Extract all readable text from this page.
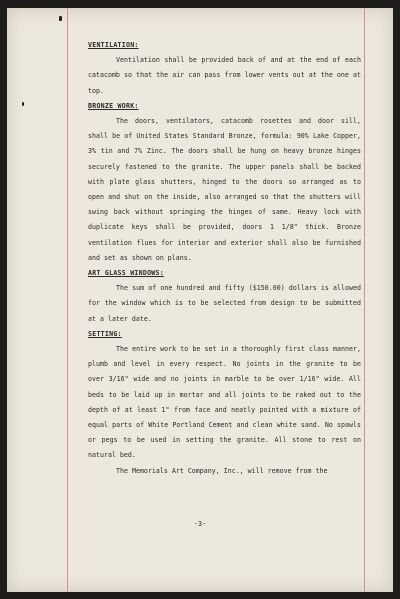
VENTILATION:

Ventilation shall be provided back of and at the end of each catacomb so that the air can pass from lower vents out at the one at top.

BRONZE WORK:

The doors, ventilators, catacomb rosettes and door sill, shall be of United States Standard Bronze, formula: 90% Lake Copper, 3% tin and 7% Zinc. The doors shall be hung on heavy bronze hinges securely fastened to the granite. The upper panels shall be backed with plate glass shutters, hinged to the doors so arranged as to open and shut on the inside, also arranged so that the shutters will swing back without springing the hinges of same. Heavy lock with duplicate keys shall be provided, doors 1 1/8" thick. Bronze ventilation flues for interior and exterior shall also be furnished and set as shown on plans.

ART GLASS WINDOWS:

The sum of one hundred and fifty ($150.00) dollars is allowed for the window which is to be selected from design to be submitted at a later date.

SETTING:

The entire work to be set in a thoroughly first class manner, plumb and level in every respect. No joints in the granite to be over 3/16" wide and no joints in marble to be over 1/16" wide. All beds to be laid up in mortar and all joints to be raked out to the depth of at least 1" from face and neatly pointed with a mixture of equal parts of White Portland Cement and clean white sand. No spawls or pegs to be used in setting the granite. All stone to rest on natural bed.

The Memorials Art Company, Inc., will remove from the

-3-
